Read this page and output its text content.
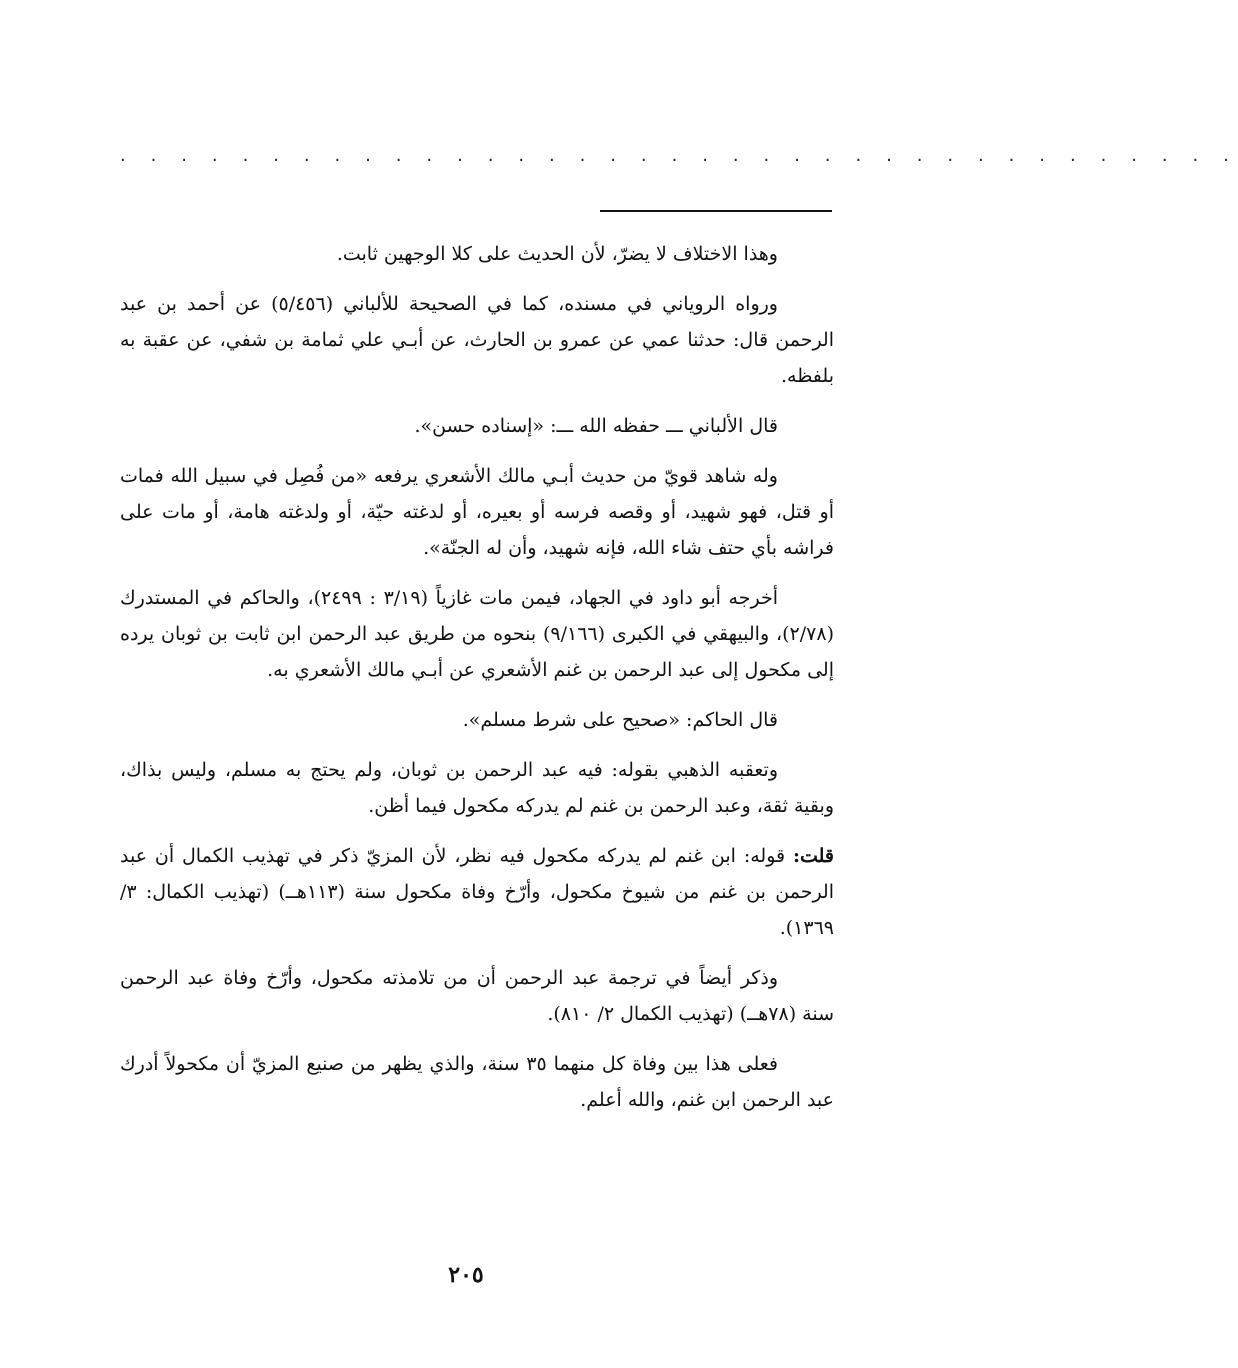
. . . . . . . . . . . . . . . . . . . . . . . . . . . . . . . . . . . . .

وهذا الاختلاف لا يضرّ، لأن الحديث على كلا الوجهين ثابت.

ورواه الروياني في مسنده، كما في الصحيحة للألباني (٥/٤٥٦) عن أحمد بن عبد الرحمن قال: حدثنا عمي عن عمرو بن الحارث، عن أبـي علي ثمامة بن شفي، عن عقبة به بلفظه.

قال الألباني ـــ حفظه الله ـــ: «إسناده حسن».

وله شاهد قويّ من حديث أبـي مالك الأشعري يرفعه «من فُصِل في سبيل الله فمات أو قتل، فهو شهيد، أو وقصه فرسه أو بعيره، أو لدغته حيّة، أو ولدغته هامة، أو مات على فراشه بأي حتف شاء الله، فإنه شهيد، وأن له الجنّة».

أخرجه أبو داود في الجهاد، فيمن مات غازياً (٣/١٩ : ٢٤٩٩)، والحاكم في المستدرك (٢/٧٨)، والبيهقي في الكبرى (٩/١٦٦) بنحوه من طريق عبد الرحمن ابن ثابت بن ثوبان يرده إلى مكحول إلى عبد الرحمن بن غنم الأشعري عن أبـي مالك الأشعري به.

قال الحاكم: «صحيح على شرط مسلم».

وتعقبه الذهبي بقوله: فيه عبد الرحمن بن ثوبان، ولم يحتج به مسلم، وليس بذاك، وبقية ثقة، وعبد الرحمن بن غنم لم يدركه مكحول فيما أظن.

قلت: قوله: ابن غنم لم يدركه مكحول فيه نظر، لأن المزيّ ذكر في تهذيب الكمال أن عبد الرحمن بن غنم من شيوخ مكحول، وأرّخ وفاة مكحول سنة (١١٣هــ) (تهذيب الكمال: ٣/ ١٣٦٩).

وذكر أيضاً في ترجمة عبد الرحمن أن من تلامذته مكحول، وأرّخ وفاة عبد الرحمن سنة (٧٨هــ) (تهذيب الكمال ٢/ ٨١٠).

فعلى هذا بين وفاة كل منهما ٣٥ سنة، والذي يظهر من صنيع المزيّ أن مكحولاً أدرك عبد الرحمن ابن غنم، والله أعلم.

٢٠٥
